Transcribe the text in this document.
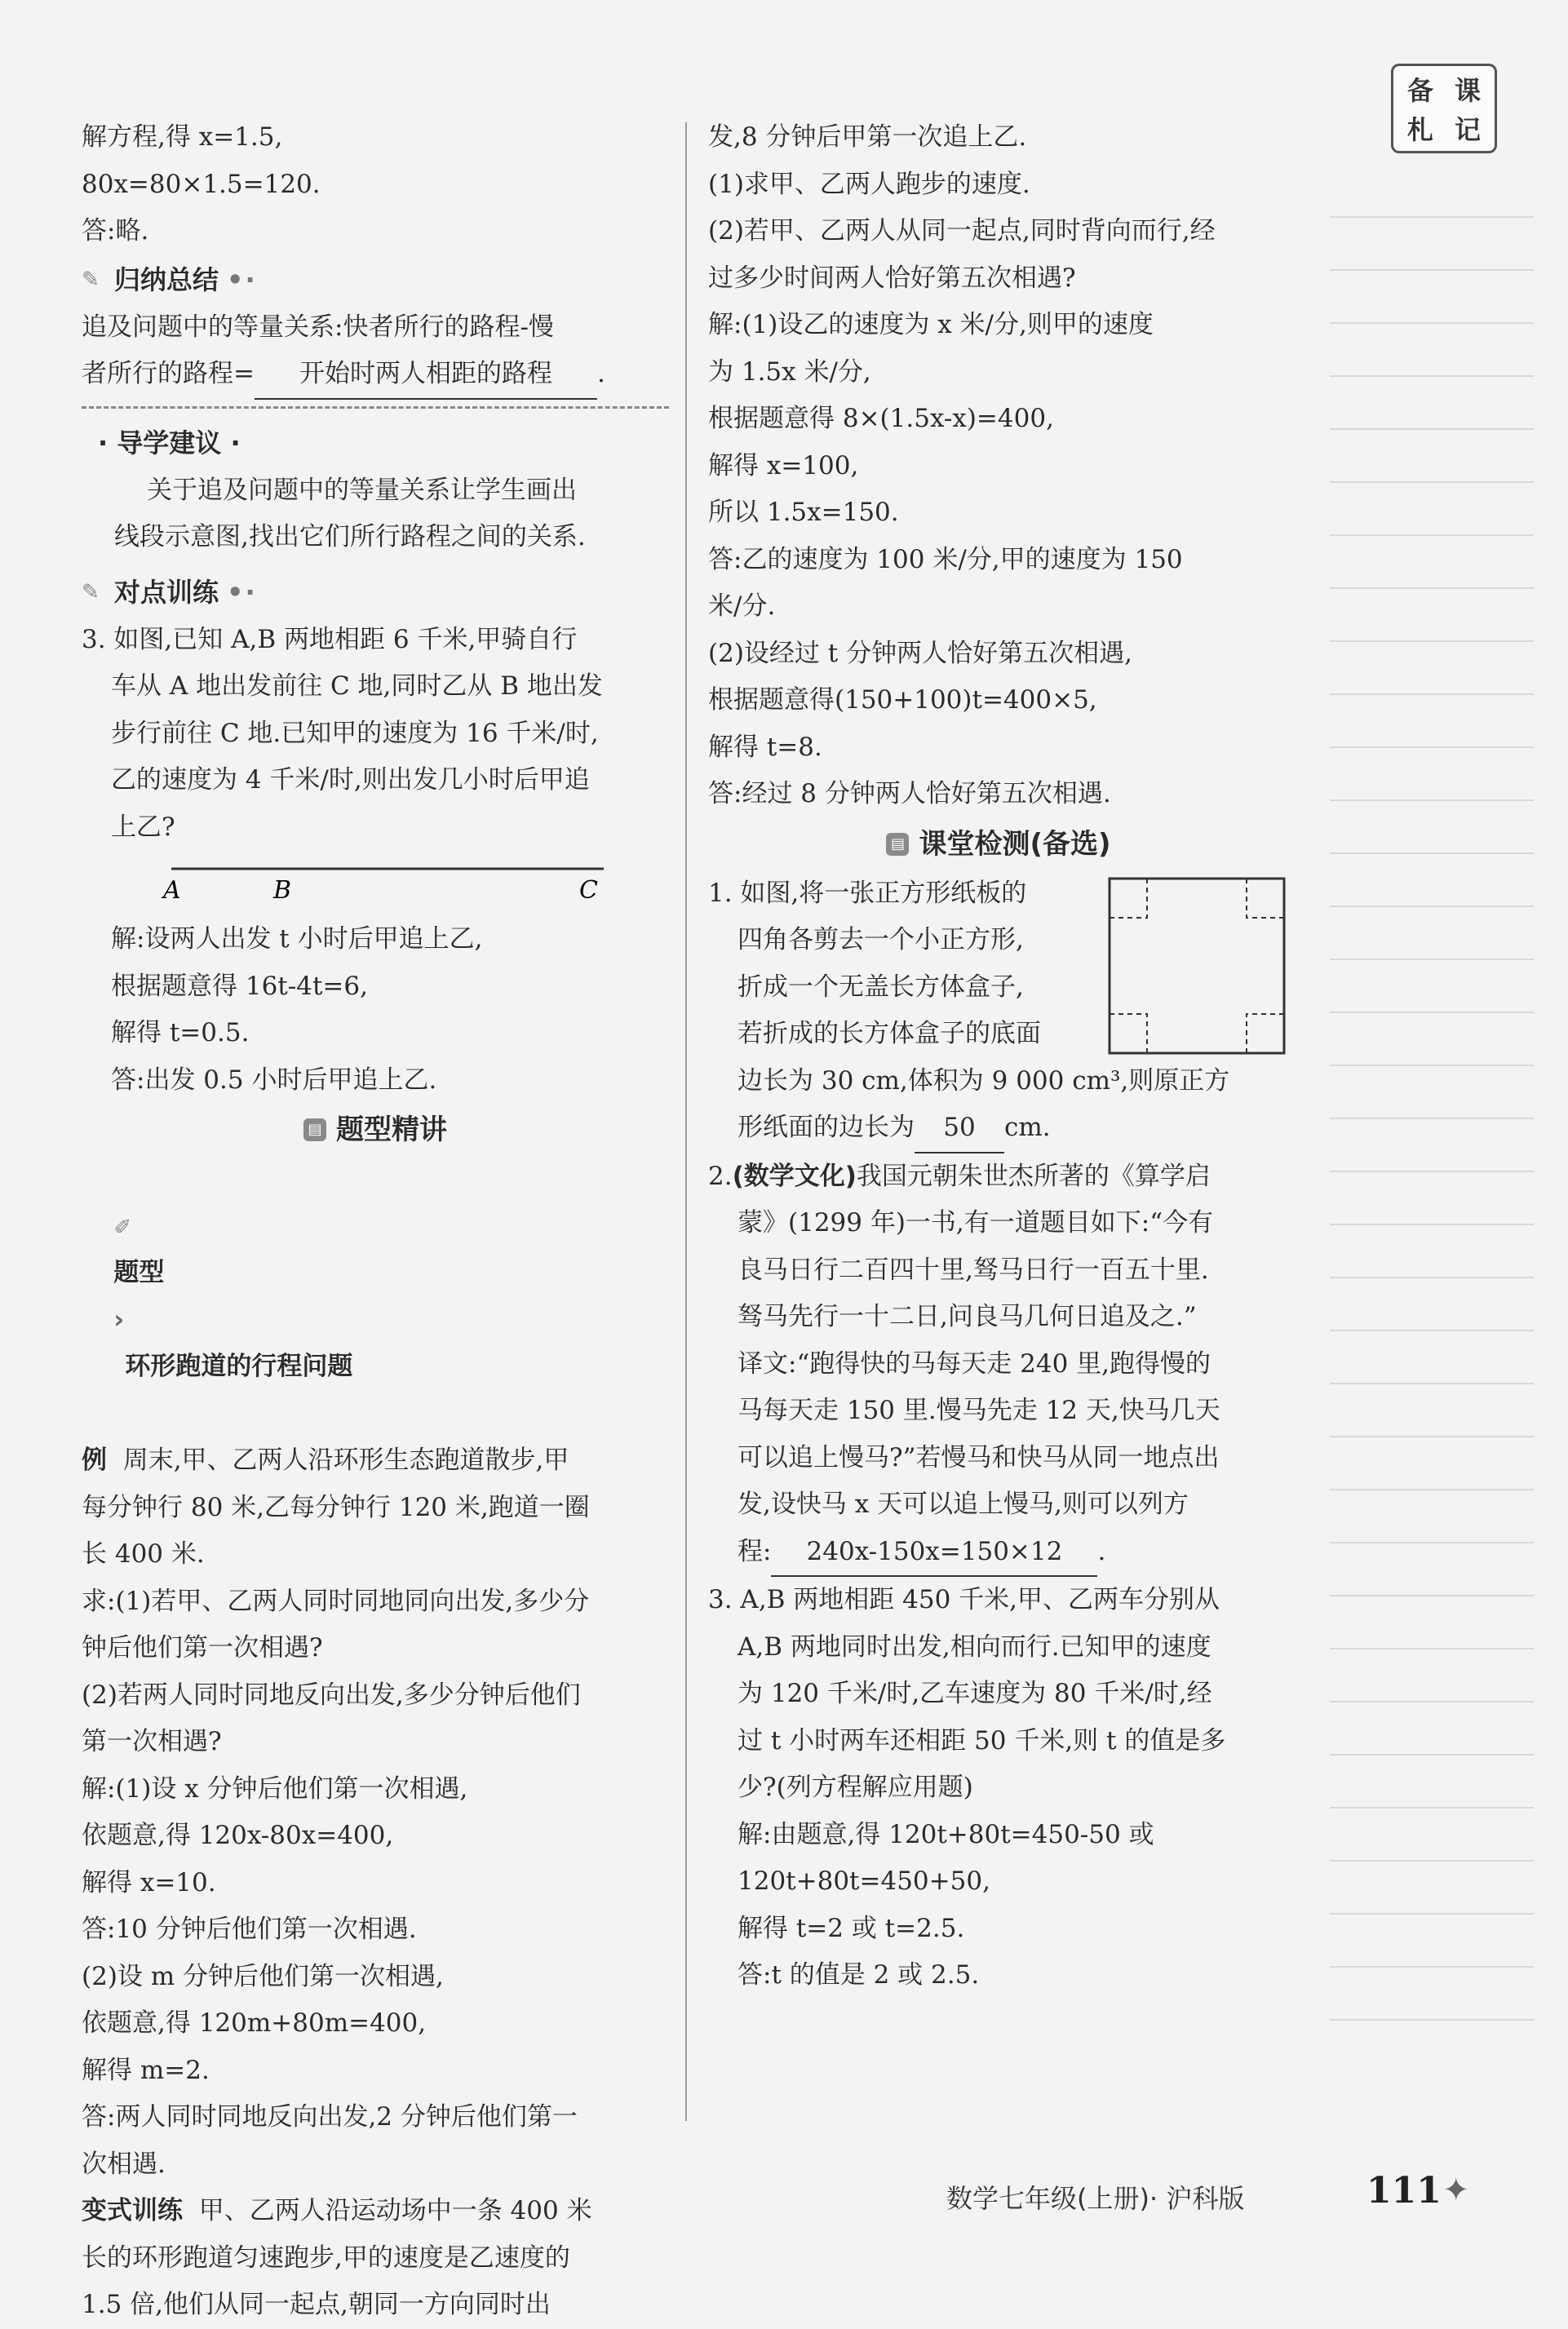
备 课
札 记
解方程,得 x=1.5,
80x=80×1.5=120.
答:略.
✎ 归纳总结 •·
追及问题中的等量关系:快者所行的路程-慢
者所行的路程= 开始时两人相距的路程 .
· 导学建议 ·
关于追及问题中的等量关系让学生画出
线段示意图,找出它们所行路程之间的关系.
✎ 对点训练 •·
3. 如图,已知 A,B 两地相距 6 千米,甲骑自行
车从 A 地出发前往 C 地,同时乙从 B 地出发
步行前往 C 地.已知甲的速度为 16 千米/时,
乙的速度为 4 千米/时,则出发几小时后甲追
上乙?
A	B	C
解:设两人出发 t 小时后甲追上乙,
根据题意得 16t-4t=6,
解得 t=0.5.
答:出发 0.5 小时后甲追上乙.
▤ 题型精讲

✐
题型
›
环形跑道的行程问题

例  周末,甲、乙两人沿环形生态跑道散步,甲
每分钟行 80 米,乙每分钟行 120 米,跑道一圈
长 400 米.
求:(1)若甲、乙两人同时同地同向出发,多少分
钟后他们第一次相遇?
(2)若两人同时同地反向出发,多少分钟后他们
第一次相遇?
解:(1)设 x 分钟后他们第一次相遇,
依题意,得 120x-80x=400,
解得 x=10.
答:10 分钟后他们第一次相遇.
(2)设 m 分钟后他们第一次相遇,
依题意,得 120m+80m=400,
解得 m=2.
答:两人同时同地反向出发,2 分钟后他们第一
次相遇.
变式训练  甲、乙两人沿运动场中一条 400 米
长的环形跑道匀速跑步,甲的速度是乙速度的
1.5 倍,他们从同一起点,朝同一方向同时出
发,8 分钟后甲第一次追上乙.
(1)求甲、乙两人跑步的速度.
(2)若甲、乙两人从同一起点,同时背向而行,经
过多少时间两人恰好第五次相遇?
解:(1)设乙的速度为 x 米/分,则甲的速度
为 1.5x 米/分,
根据题意得 8×(1.5x-x)=400,
解得 x=100,
所以 1.5x=150.
答:乙的速度为 100 米/分,甲的速度为 150
米/分.
(2)设经过 t 分钟两人恰好第五次相遇,
根据题意得(150+100)t=400×5,
解得 t=8.
答:经过 8 分钟两人恰好第五次相遇.
▤ 课堂检测(备选)
1. 如图,将一张正方形纸板的
四角各剪去一个小正方形,
折成一个无盖长方体盒子,
若折成的长方体盒子的底面
边长为 30 cm,体积为 9 000 cm³,则原正方
形纸面的边长为 50 cm.
2.(数学文化)我国元朝朱世杰所著的《算学启
蒙》(1299 年)一书,有一道题目如下:“今有
良马日行二百四十里,驽马日行一百五十里.
驽马先行一十二日,问良马几何日追及之.”
译文:“跑得快的马每天走 240 里,跑得慢的
马每天走 150 里.慢马先走 12 天,快马几天
可以追上慢马?”若慢马和快马从同一地点出
发,设快马 x 天可以追上慢马,则可以列方
程: 240x-150x=150×12 .
3. A,B 两地相距 450 千米,甲、乙两车分别从
A,B 两地同时出发,相向而行.已知甲的速度
为 120 千米/时,乙车速度为 80 千米/时,经
过 t 小时两车还相距 50 千米,则 t 的值是多
少?(列方程解应用题)
解:由题意,得 120t+80t=450-50 或
120t+80t=450+50,
解得 t=2 或 t=2.5.
答:t 的值是 2 或 2.5.
数学七年级(上册)· 沪科版	111 ✦
